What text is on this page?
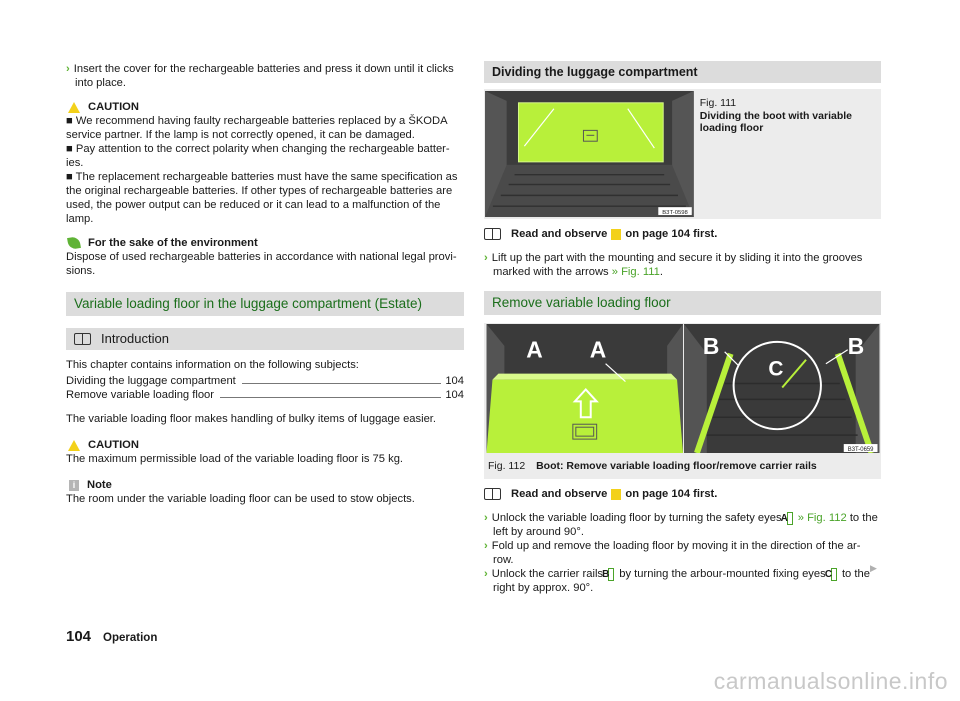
› Insert the cover for the rechargeable batteries and press it down until it clicks into place.

CAUTION

■ We recommend having faulty rechargeable batteries replaced by a ŠKODA service partner. If the lamp is not correctly opened, it can be damaged.

■ Pay attention to the correct polarity when changing the rechargeable batter-ies.

■ The replacement rechargeable batteries must have the same specification as the original rechargeable batteries. If other types of rechargeable batteries are used, the power output can be reduced or it can lead to a malfunction of the lamp.

For the sake of the environment

Dispose of used rechargeable batteries in accordance with national legal provi-sions.

Variable loading floor in the luggage compartment (Estate)
Introduction

This chapter contains information on the following subjects:

Dividing the luggage compartment	104
Remove variable loading floor	104

The variable loading floor makes handling of bulky items of luggage easier.

CAUTION

The maximum permissible load of the variable loading floor is 75 kg.

i	Note

The room under the variable loading floor can be used to stow objects.

Dividing the luggage compartment
B3T-0598
Fig. 111
Dividing the boot with variable loading floor
Read and observe on page 104 first.

› Lift up the part with the mounting and secure it by sliding it into the grooves marked with the arrows » Fig. 111.

Remove variable loading floor
A A	B	B
C
B3T-0659
Fig. 112 Boot: Remove variable loading floor/remove carrier rails
Read and observe on page 104 first.

› Unlock the variable loading floor by turning the safety eyes A » Fig. 112 to the left by around 90°.

› Fold up and remove the loading floor by moving it in the direction of the ar-row.

› Unlock the carrier rails B by turning the arbour-mounted fixing eyes C to the right by approx. 90°.

▶
104 Operation
carmanualsonline.info
